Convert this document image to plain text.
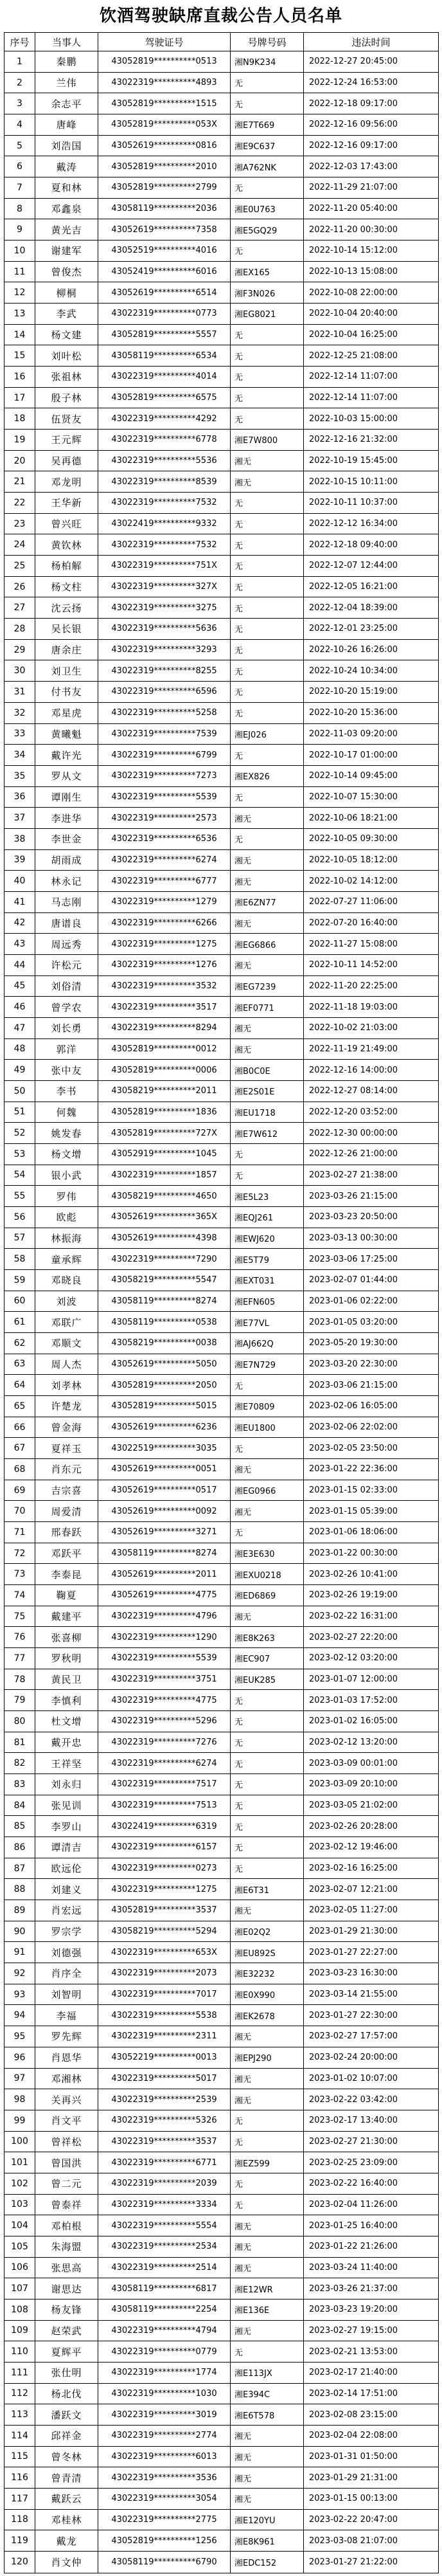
饮酒驾驶缺席直裁公告人员名单
序号	当事人	驾驶证号	号牌号码	违法时间
1	秦鹏	43052819**********0513	湘N9K234	2022-12-27 20:45:00
2	兰伟	43022319**********4893	无	2022-12-24 16:53:00
3	余志平	43052819**********1515	无	2022-12-18 09:17:00
4	唐峰	43052819**********053X	湘E7T669	2022-12-16 09:56:00
5	刘浩国	43052619**********0816	湘E9C637	2022-12-16 09:17:00
6	戴涛	43052819**********2010	湘A762NK	2022-12-03 17:43:00
7	夏和林	43052819**********2799	无	2022-11-29 21:07:00
8	邓鑫泉	43058119**********2036	湘E0U763	2022-11-20 05:40:00
9	黄光吉	43052619**********7358	湘E5GQ29	2022-11-20 00:30:00
10	谢建军	43052519**********4016	无	2022-10-14 15:12:00
11	曾俊杰	43052419**********6016	湘EX165	2022-10-13 15:08:00
12	柳桐	43052619**********6514	湘F3N026	2022-10-08 22:00:00
13	李武	43022319**********0773	湘EG8021	2022-10-04 20:40:00
14	杨文建	43052819**********5557	无	2022-10-04 16:25:00
15	刘叶松	43058119**********6534	无	2022-12-25 21:08:00
16	张祖林	43022319**********4014	无	2022-12-14 11:07:00
17	殷子林	43052819**********6575	无	2022-12-14 11:07:00
18	伍贤友	43022319**********4292	无	2022-10-03 15:00:00
19	王元辉	43022319**********6778	湘E7W800	2022-12-16 21:32:00
20	吴再德	43022319**********5536	湘无	2022-10-19 15:45:00
21	邓龙明	43022319**********8539	湘无	2022-10-15 10:11:00
22	王华新	43022319**********7532	无	2022-10-11 10:37:00
23	曾兴旺	43022419**********9332	无	2022-12-12 16:34:00
24	黄钦林	43022319**********7532	无	2022-12-18 09:40:00
25	杨柏解	43022319**********751X	无	2022-12-07 12:44:00
26	杨文柱	43022319**********327X	无	2022-12-05 16:21:00
27	沈云扬	43022319**********3275	无	2022-12-04 18:39:00
28	吴长银	43022319**********5636	无	2022-12-01 23:25:00
29	唐余庄	43022319**********3293	无	2022-10-26 16:26:00
30	刘卫生	43022319**********8255	无	2022-10-24 10:34:00
31	付书友	43022319**********6596	无	2022-10-20 15:19:00
32	邓星虎	43022319**********5258	无	2022-10-20 15:36:00
33	黄曦魁	43022319**********7539	湘EJ026	2022-11-03 09:20:00
34	戴许光	43022319**********6799	无	2022-10-17 01:00:00
35	罗从文	43022319**********7273	湘EX826	2022-10-14 09:45:00
36	谭刚生	43022319**********5539	无	2022-10-07 15:30:00
37	李进华	43022319**********2573	湘无	2022-10-06 18:21:00
38	李世金	43022319**********6536	无	2022-10-05 09:30:00
39	胡雨成	43022319**********6274	湘无	2022-10-05 18:12:00
40	林永记	43022319**********6777	湘无	2022-10-02 14:12:00
41	马志刚	43022319**********1279	湘E6ZN77	2022-07-27 11:06:00
42	唐谱良	43022319**********6266	湘无	2022-07-20 16:40:00
43	周远秀	43022319**********1275	湘EG6866	2022-11-27 15:08:00
44	许松元	43022319**********1276	湘无	2022-10-11 14:52:00
45	刘俗清	43022319**********3532	湘EG7239	2022-11-20 22:25:00
46	曾学农	43022319**********3517	湘EF0771	2022-11-18 19:03:00
47	刘长勇	43022319**********8294	湘无	2022-10-02 21:03:00
48	郭洋	43052819**********0012	湘无	2022-11-19 21:49:00
49	张中友	43052819**********0006	湘B0C0E	2022-12-16 14:00:00
50	李书	43058219**********2011	湘E2S01E	2022-12-27 08:14:00
51	何魏	43052819**********1836	湘EU1718	2022-12-20 03:52:00
52	姚发春	43052819**********727X	湘E7W612	2022-12-30 00:00:00
53	杨文增	43052919**********1045	无	2022-12-26 21:00:00
54	银小武	43022319**********1857	无	2023-02-27 21:38:00
55	罗伟	43058219**********4650	湘E5L23	2023-03-26 21:15:00
56	欧彪	43052619**********365X	湘EQJ261	2023-03-23 20:50:00
57	林振海	43052619**********4398	湘EWJ620	2023-03-13 00:30:00
58	童承辉	43022319**********7290	湘E5T79	2023-03-06 17:25:00
59	邓晓良	43058219**********5547	湘EXT031	2023-02-07 01:44:00
60	刘波	43058119**********8274	湘EFN605	2023-01-06 02:22:00
61	邓联广	43058119**********0538	湘E77VL	2023-01-05 03:20:00
62	邓顺文	43058219**********0038	湘AJ662Q	2023-05-20 19:30:00
63	周人杰	43052619**********5050	湘E7N729	2023-03-20 22:30:00
64	刘孝林	43052819**********2050	无	2023-03-06 21:15:00
65	许楚龙	43052819**********5015	湘E70809	2023-02-06 16:05:00
66	曾金海	43052619**********6236	湘EU1800	2023-02-06 22:02:00
67	夏祥玉	43022519**********3035	无	2023-02-05 23:50:00
68	肖东元	43052619**********0051	湘无	2023-01-22 22:36:00
69	吉宗喜	43052619**********0517	湘EG0966	2023-01-15 02:33:00
70	周爱清	43052619**********0092	湘无	2023-01-15 05:39:00
71	邢春跃	43052619**********3271	无	2023-01-06 18:06:00
72	邓跃平	43058119**********8274	湘E3E630	2023-01-22 00:30:00
73	李泰昆	43052619**********2011	湘EXU0218	2023-02-26 10:41:00
74	鞠夏	43052619**********4775	湘ED6869	2023-02-26 19:19:00
75	戴建平	43022319**********4796	湘无	2023-02-22 16:31:00
76	张喜柳	43022319**********1290	湘E8K263	2023-02-27 22:20:00
77	罗秋明	43022319**********5539	湘EC907	2023-02-12 03:20:00
78	黄民卫	43022319**********3751	湘EUK285	2023-01-07 12:00:00
79	李慎利	43022319**********4775	无	2023-01-03 17:52:00
80	杜文增	43022319**********5296	无	2023-01-02 16:05:00
81	戴开忠	43022319**********7276	无	2023-02-12 13:20:00
82	王祥坚	43022319**********6274	无	2023-03-09 00:01:00
83	刘永归	43022319**********7517	无	2023-03-09 20:10:00
84	张见训	43022319**********7513	无	2023-03-05 21:02:00
85	李罗山	43022419**********6319	无	2023-02-26 20:28:00
86	谭清吉	43022319**********6157	无	2023-02-12 19:46:00
87	欧远伦	43022319**********0273	无	2023-02-16 16:25:00
88	刘建义	43022319**********1275	湘E6T31	2023-02-07 12:21:00
89	肖宏远	43052819**********3537	湘无	2023-02-05 11:27:00
90	罗宗学	43058219**********5294	湘E02Q2	2023-01-29 21:30:00
91	刘德强	43022319**********653X	湘EU892S	2023-01-27 22:27:00
92	肖序全	43022319**********2073	湘E32232	2023-03-23 16:30:00
93	刘智明	43022319**********7017	湘E0X990	2023-03-14 21:55:00
94	李福	43022319**********5538	湘EK2678	2023-01-27 22:30:00
95	罗先辉	43022319**********2311	湘无	2023-02-27 17:57:00
96	肖恩华	43052219**********0013	湘EPJ290	2023-02-24 20:00:00
97	邓湘林	43022319**********5017	湘无	2023-01-02 10:07:00
98	关再兴	43022319**********2539	湘无	2023-02-22 03:42:00
99	肖文平	43022319**********5326	无	2023-02-17 13:40:00
100	曾祥松	43022319**********3537	无	2023-02-27 21:30:00
101	曾国洪	43022319**********6771	湘EZ599	2023-02-25 23:09:00
102	曾二元	43022319**********2039	无	2023-02-22 16:40:00
103	曾泰祥	43022319**********3334	无	2023-02-04 11:26:00
104	邓柏根	43022319**********5554	湘无	2023-01-25 16:40:00
105	朱海盟	43022319**********2534	湘无	2023-01-22 21:26:00
106	张思高	43022319**********2514	湘无	2023-03-24 11:40:00
107	谢思达	43058119**********6817	湘E12WR	2023-03-26 21:37:00
108	杨友锋	43058119**********2254	湘E136E	2023-03-23 19:20:00
109	赵荣武	43022319**********4794	湘无	2023-02-27 19:15:00
110	夏辉平	43022319**********0779	无	2023-02-21 13:53:00
111	张仕明	43022319**********1774	湘E113JX	2023-02-17 21:40:00
112	杨北伐	43022319**********1030	湘E394C	2023-02-14 17:51:00
113	潘跃文	43022319**********3019	湘E6T578	2023-02-08 23:15:00
114	邱祥金	43022319**********2774	湘无	2023-02-04 22:08:00
115	曾冬林	43022319**********6013	湘无	2023-01-31 01:50:00
116	曾青清	43022319**********3536	湘无	2023-01-29 21:31:00
117	戴跃云	43022319**********3054	湘无	2023-01-15 00:13:00
118	邓桂林	43022319**********2775	湘E120YU	2023-02-22 20:47:00
119	戴龙	43052819**********1256	湘E8K961	2023-03-08 21:07:00
120	肖文仲	43058119**********6790	湘EDC152	2023-01-27 21:22:00
